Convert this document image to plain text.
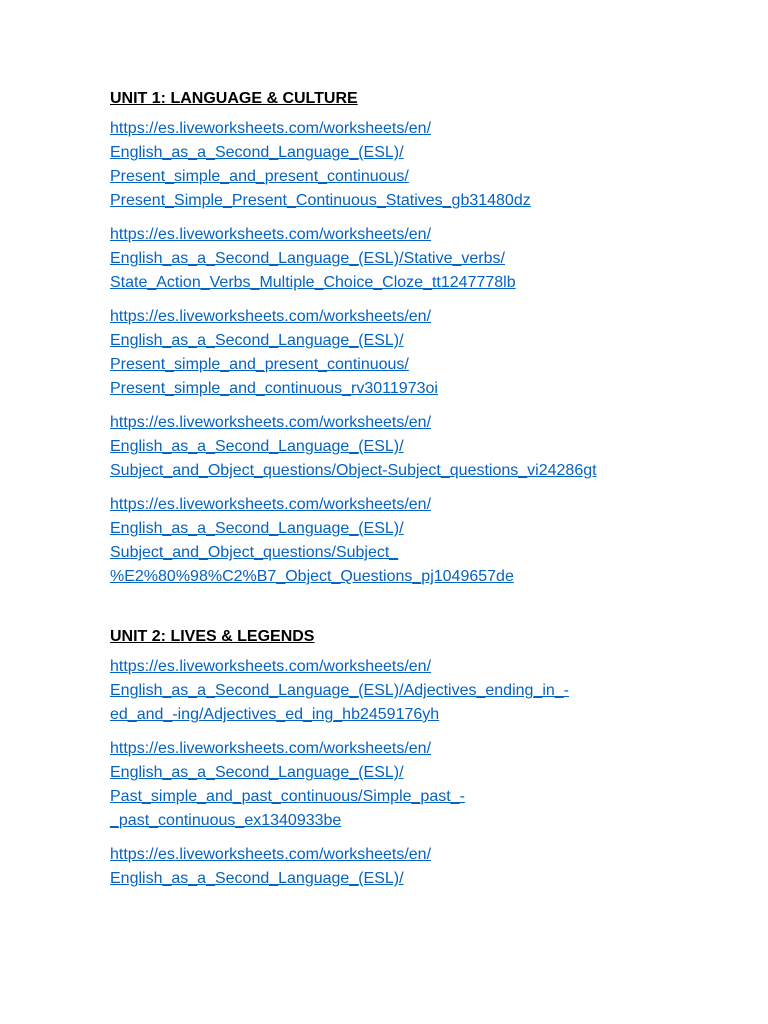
UNIT 1: LANGUAGE & CULTURE
https://es.liveworksheets.com/worksheets/en/
English_as_a_Second_Language_(ESL)/
Present_simple_and_present_continuous/
Present_Simple_Present_Continuous_Statives_gb31480dz
https://es.liveworksheets.com/worksheets/en/
English_as_a_Second_Language_(ESL)/Stative_verbs/
State_Action_Verbs_Multiple_Choice_Cloze_tt1247778lb
https://es.liveworksheets.com/worksheets/en/
English_as_a_Second_Language_(ESL)/
Present_simple_and_present_continuous/
Present_simple_and_continuous_rv3011973oi
https://es.liveworksheets.com/worksheets/en/
English_as_a_Second_Language_(ESL)/
Subject_and_Object_questions/Object-Subject_questions_vi24286gt
https://es.liveworksheets.com/worksheets/en/
English_as_a_Second_Language_(ESL)/
Subject_and_Object_questions/Subject_
%E2%80%98%C2%B7_Object_Questions_pj1049657de
UNIT 2: LIVES & LEGENDS
https://es.liveworksheets.com/worksheets/en/
English_as_a_Second_Language_(ESL)/Adjectives_ending_in_-
ed_and_-ing/Adjectives_ed_ing_hb2459176yh
https://es.liveworksheets.com/worksheets/en/
English_as_a_Second_Language_(ESL)/
Past_simple_and_past_continuous/Simple_past_-
_past_continuous_ex1340933be
https://es.liveworksheets.com/worksheets/en/
English_as_a_Second_Language_(ESL)/
